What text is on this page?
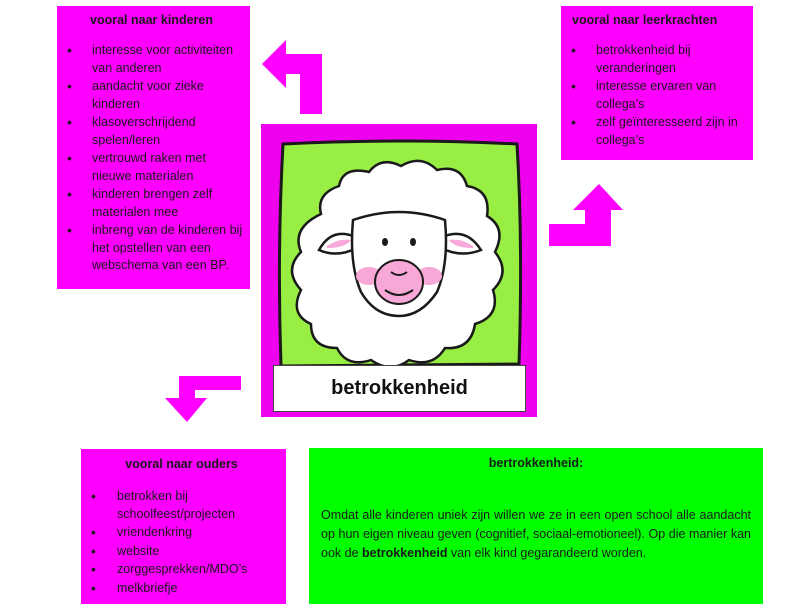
vooral naar kinderen
• interesse voor activiteiten van anderen
• aandacht voor zieke kinderen
• klasoverschrijdend spelen/leren
• vertrouwd raken met nieuwe materialen
• kinderen brengen zelf materialen mee
• inbreng van de kinderen bij het opstellen van een webschema van een BP.
vooral naar leerkrachten
• betrokkenheid bij veranderingen
• interesse ervaren van collega’s
• zelf geïnteresseerd zijn in collega’s
vooral naar ouders
• betrokken bij schoolfeest/projecten
• vriendenkring
• website
• zorggesprekken/MDO’s
• melkbriefje
bertrokkenheid:

Omdat alle kinderen uniek zijn willen we ze in een open school alle aandacht op hun eigen niveau geven (cognitief, sociaal-emotioneel). Op die manier kan ook de betrokkenheid van elk kind gegarandeerd worden.

betrokkenheid
